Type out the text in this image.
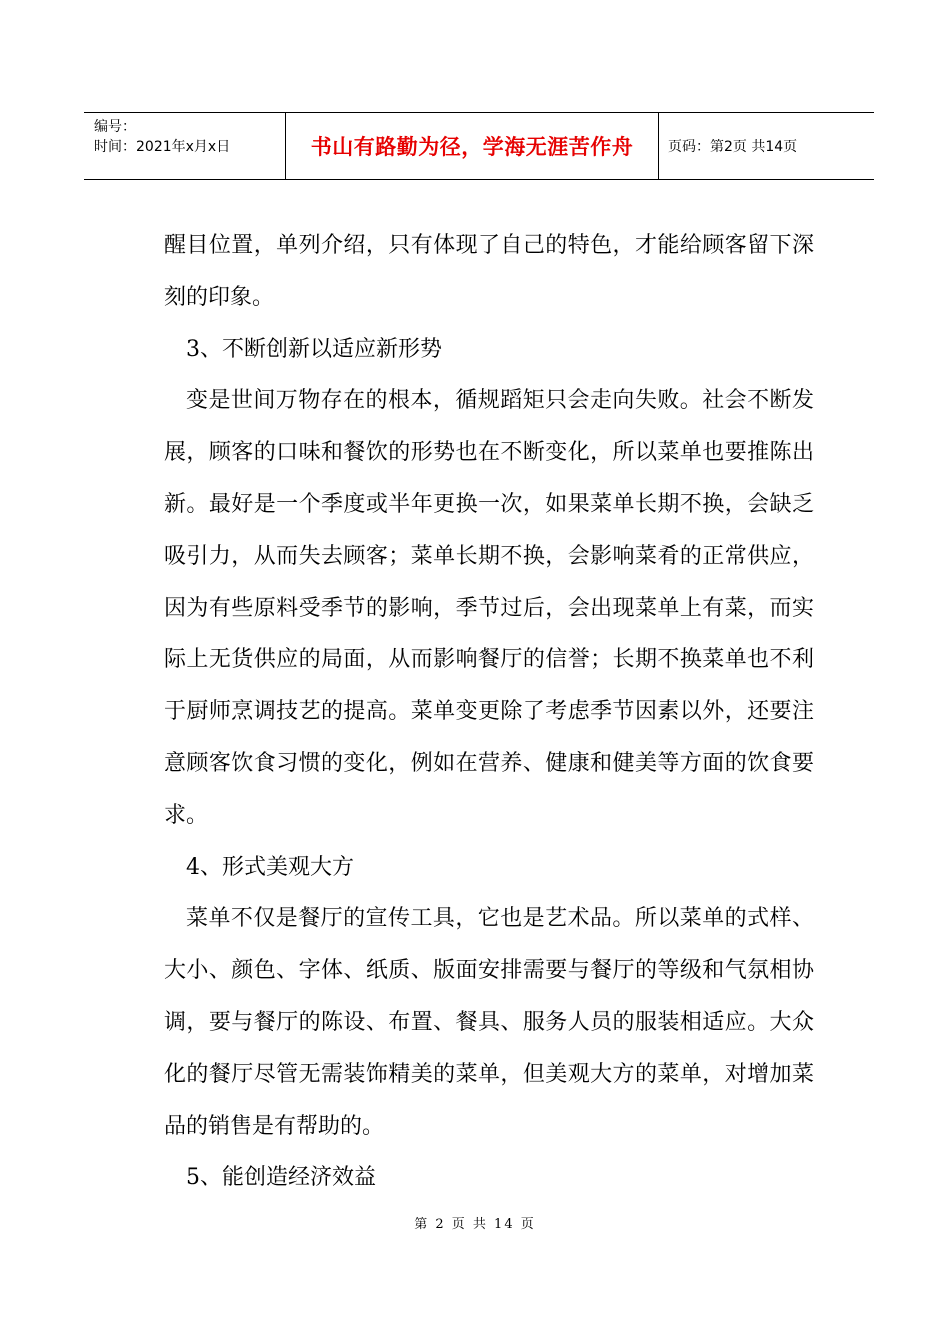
编号：
时间：2021年x月x日	书山有路勤为径，学海无涯苦作舟	页码：第2页 共14页

醒目位置，单列介绍，只有体现了自己的特色，才能给顾客留下深刻的印象。

3、不断创新以适应新形势

变是世间万物存在的根本，循规蹈矩只会走向失败。社会不断发展，顾客的口味和餐饮的形势也在不断变化，所以菜单也要推陈出新。最好是一个季度或半年更换一次，如果菜单长期不换，会缺乏吸引力，从而失去顾客；菜单长期不换，会影响菜肴的正常供应，因为有些原料受季节的影响，季节过后，会出现菜单上有菜，而实际上无货供应的局面，从而影响餐厅的信誉；长期不换菜单也不利于厨师烹调技艺的提高。菜单变更除了考虑季节因素以外，还要注意顾客饮食习惯的变化，例如在营养、健康和健美等方面的饮食要求。

4、形式美观大方

菜单不仅是餐厅的宣传工具，它也是艺术品。所以菜单的式样、大小、颜色、字体、纸质、版面安排需要与餐厅的等级和气氛相协调，要与餐厅的陈设、布置、餐具、服务人员的服装相适应。大众化的餐厅尽管无需装饰精美的菜单，但美观大方的菜单，对增加菜品的销售是有帮助的。

5、能创造经济效益

第 2 页 共 14 页
